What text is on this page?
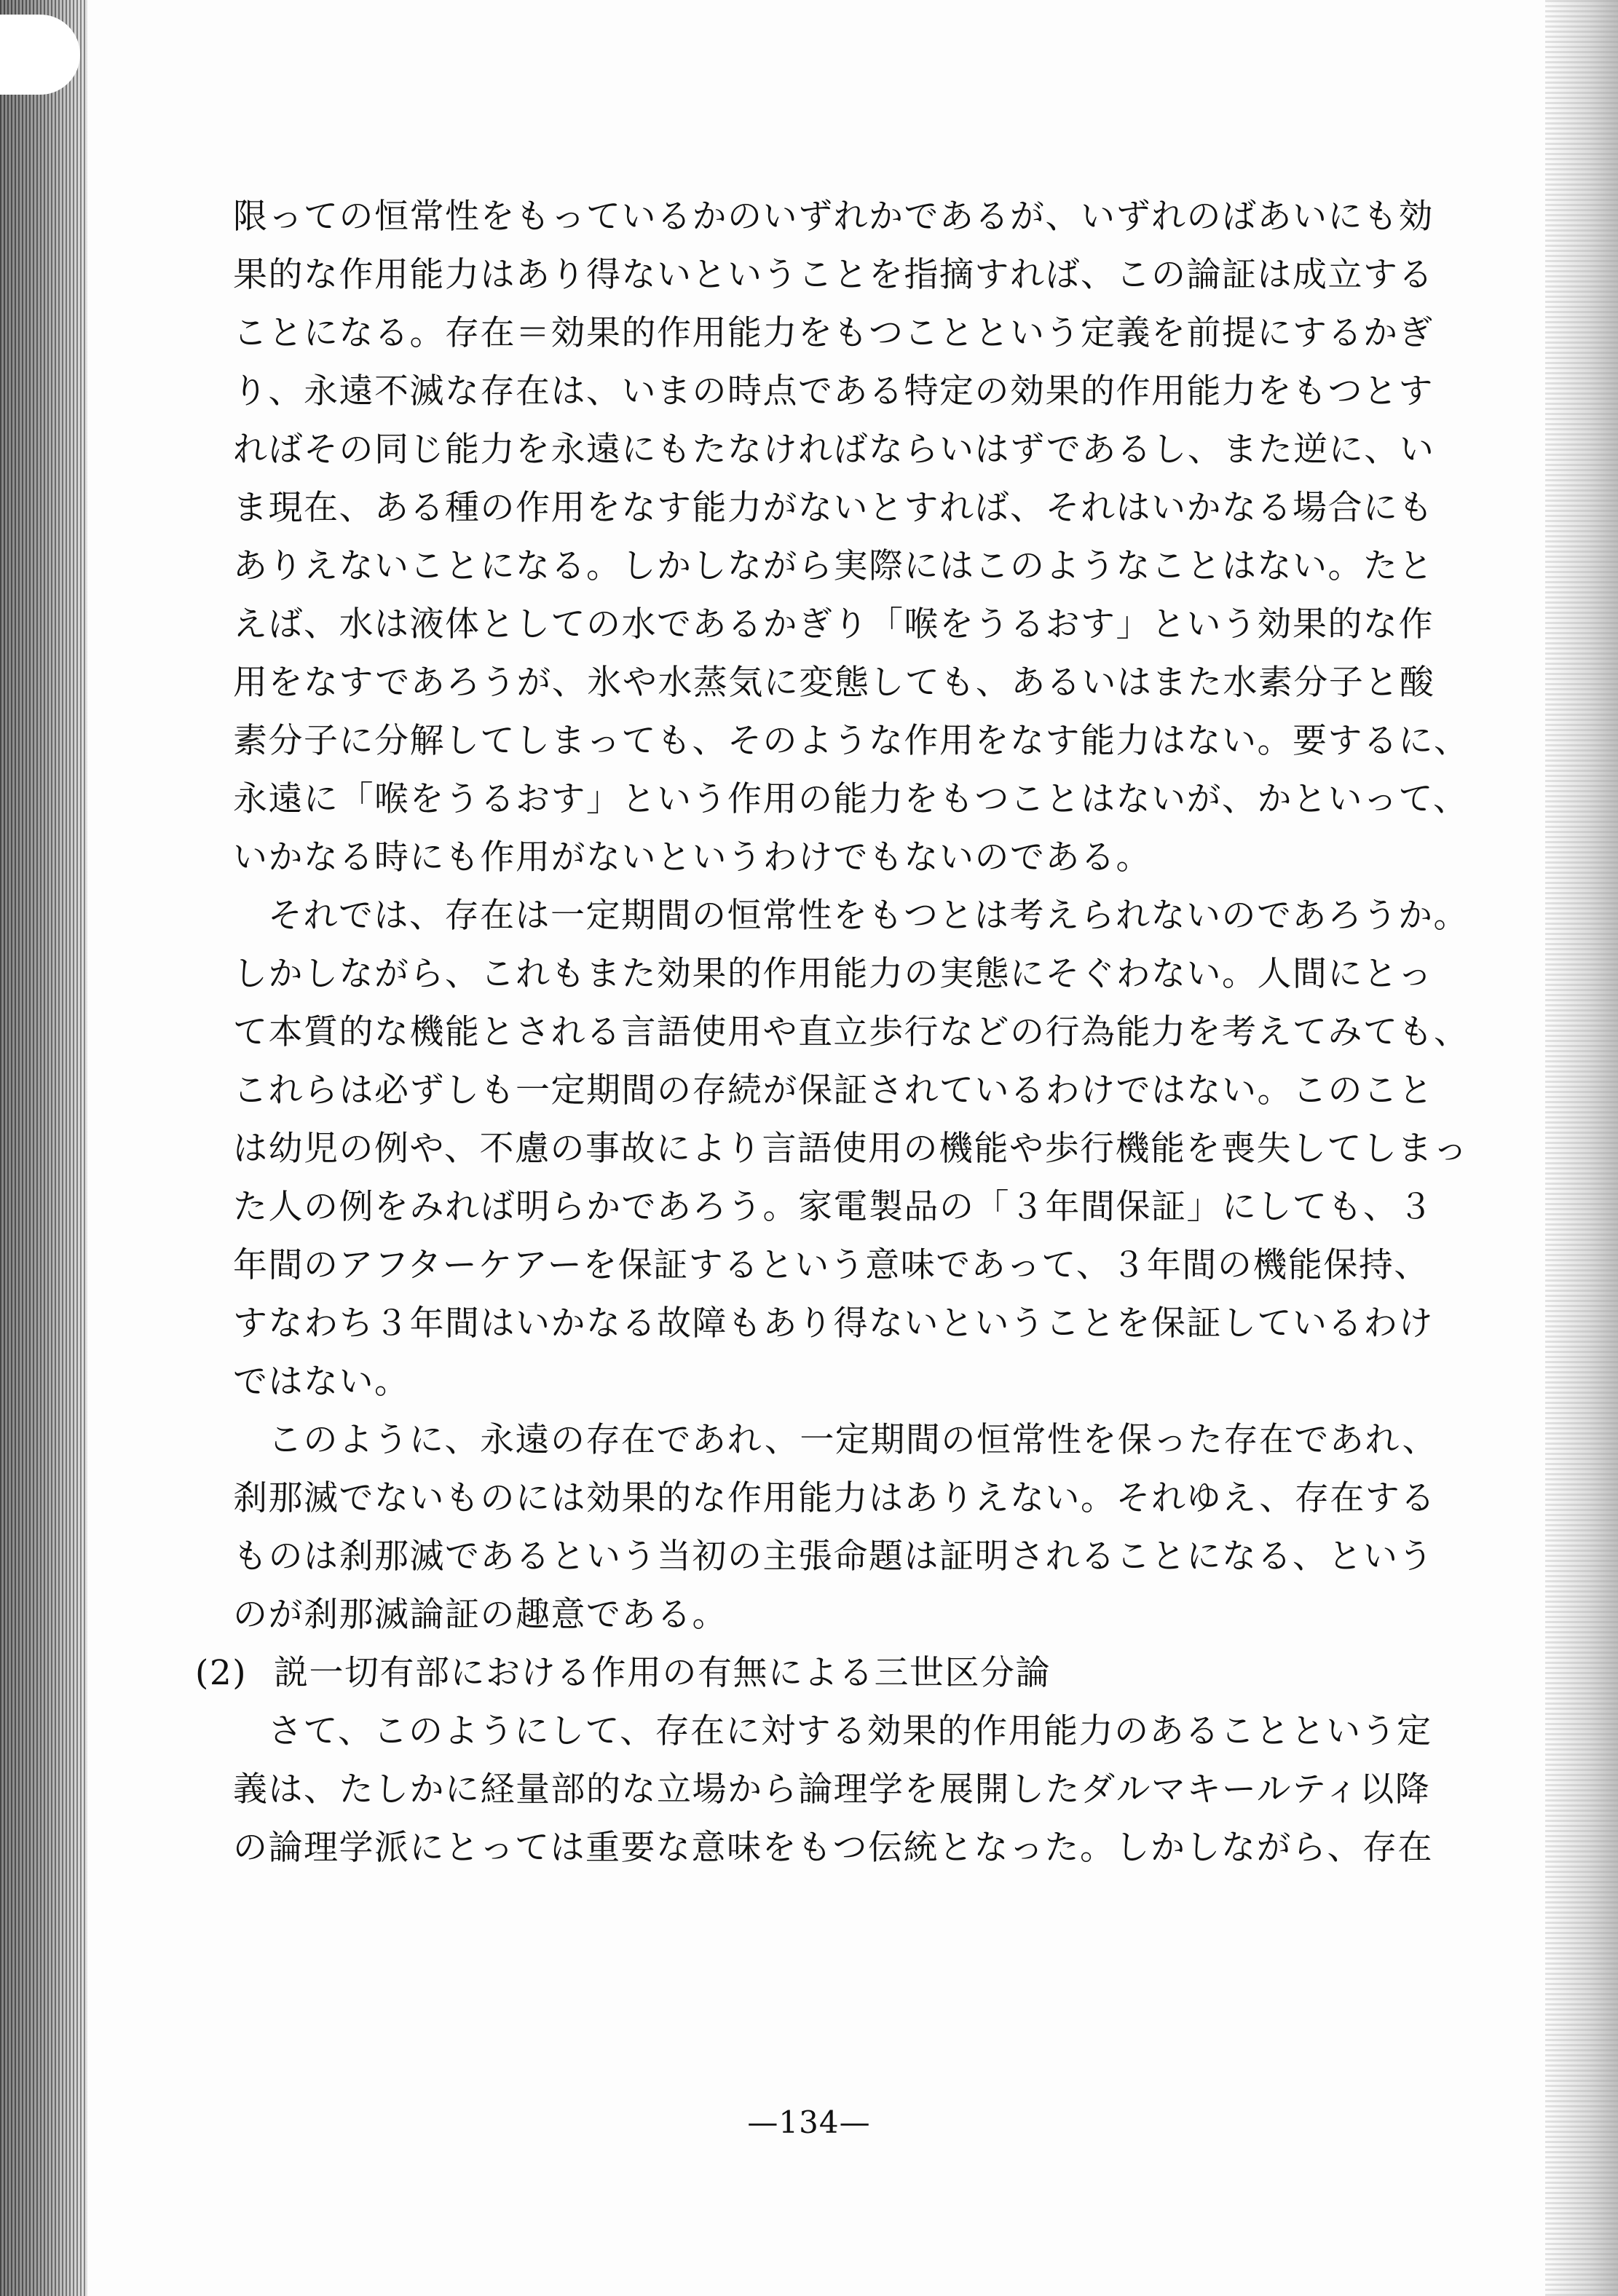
限っての恒常性をもっているかのいずれかであるが、いずれのばあいにも効
果的な作用能力はあり得ないということを指摘すれば、この論証は成立する
ことになる。存在＝効果的作用能力をもつことという定義を前提にするかぎ
り、永遠不滅な存在は、いまの時点である特定の効果的作用能力をもつとす
ればその同じ能力を永遠にもたなければならいはずであるし、また逆に、い
ま現在、ある種の作用をなす能力がないとすれば、それはいかなる場合にも
ありえないことになる。しかしながら実際にはこのようなことはない。たと
えば、水は液体としての水であるかぎり「喉をうるおす」という効果的な作
用をなすであろうが、氷や水蒸気に変態しても、あるいはまた水素分子と酸
素分子に分解してしまっても、そのような作用をなす能力はない。要するに、
永遠に「喉をうるおす」という作用の能力をもつことはないが、かといって、
いかなる時にも作用がないというわけでもないのである。
それでは、存在は一定期間の恒常性をもつとは考えられないのであろうか。
しかしながら、これもまた効果的作用能力の実態にそぐわない。人間にとっ
て本質的な機能とされる言語使用や直立歩行などの行為能力を考えてみても、
これらは必ずしも一定期間の存続が保証されているわけではない。このこと
は幼児の例や、不慮の事故により言語使用の機能や歩行機能を喪失してしまっ
た人の例をみれば明らかであろう。家電製品の「３年間保証」にしても、３
年間のアフターケアーを保証するという意味であって、３年間の機能保持、
すなわち３年間はいかなる故障もあり得ないということを保証しているわけ
ではない。
このように、永遠の存在であれ、一定期間の恒常性を保った存在であれ、
刹那滅でないものには効果的な作用能力はありえない。それゆえ、存在する
ものは刹那滅であるという当初の主張命題は証明されることになる、という
のが刹那滅論証の趣意である。
(2) 説一切有部における作用の有無による三世区分論
さて、このようにして、存在に対する効果的作用能力のあることという定
義は、たしかに経量部的な立場から論理学を展開したダルマキールティ以降
の論理学派にとっては重要な意味をもつ伝統となった。しかしながら、存在
—134—
